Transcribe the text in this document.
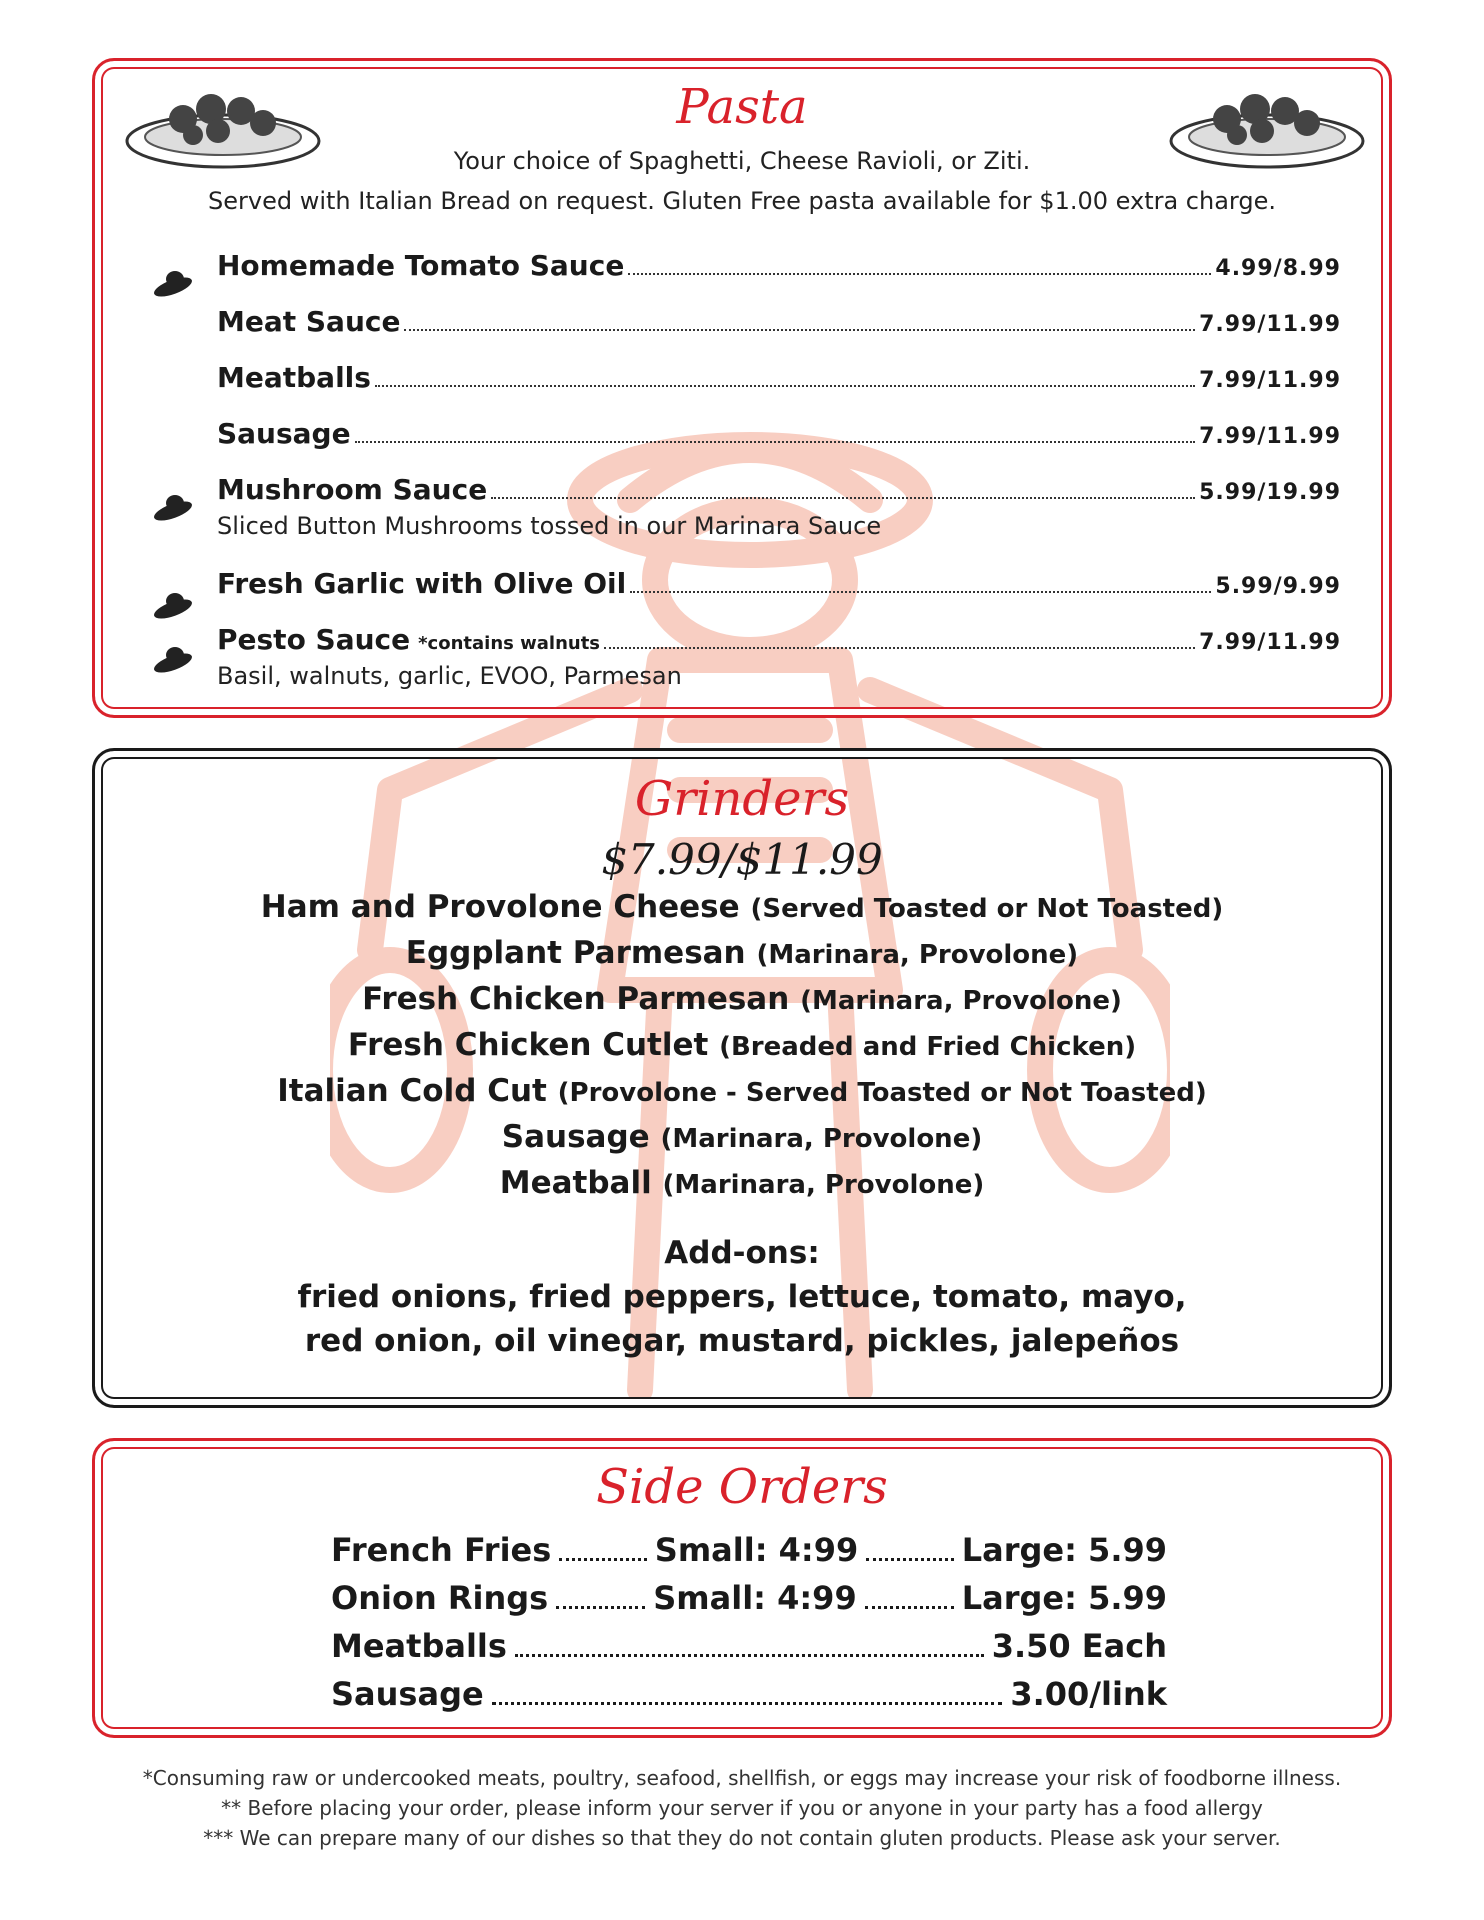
Pasta
Your choice of Spaghetti, Cheese Ravioli, or Ziti.
Served with Italian Bread on request. Gluten Free pasta available for $1.00 extra charge.
Homemade Tomato Sauce	4.99/8.99
Meat Sauce	7.99/11.99
Meatballs	7.99/11.99
Sausage	7.99/11.99
Mushroom Sauce	5.99/19.99
Sliced Button Mushrooms tossed in our Marinara Sauce
Fresh Garlic with Olive Oil	5.99/9.99
Pesto Sauce *contains walnuts	7.99/11.99
Basil, walnuts, garlic, EVOO, Parmesan
Grinders
$7.99/$11.99
Ham and Provolone Cheese (Served Toasted or Not Toasted)
Eggplant Parmesan (Marinara, Provolone)
Fresh Chicken Parmesan (Marinara, Provolone)
Fresh Chicken Cutlet (Breaded and Fried Chicken)
Italian Cold Cut (Provolone - Served Toasted or Not Toasted)
Sausage (Marinara, Provolone)
Meatball (Marinara, Provolone)
Add-ons:
fried onions, fried peppers, lettuce, tomato, mayo,
red onion, oil vinegar, mustard, pickles, jalepeños
Side Orders
French Fries	Small: 4:99	Large: 5.99
Onion Rings	Small: 4:99	Large: 5.99
Meatballs	3.50 Each
Sausage	3.00/link
*Consuming raw or undercooked meats, poultry, seafood, shellfish, or eggs may increase your risk of foodborne illness.
** Before placing your order, please inform your server if you or anyone in your party has a food allergy
*** We can prepare many of our dishes so that they do not contain gluten products. Please ask your server.
